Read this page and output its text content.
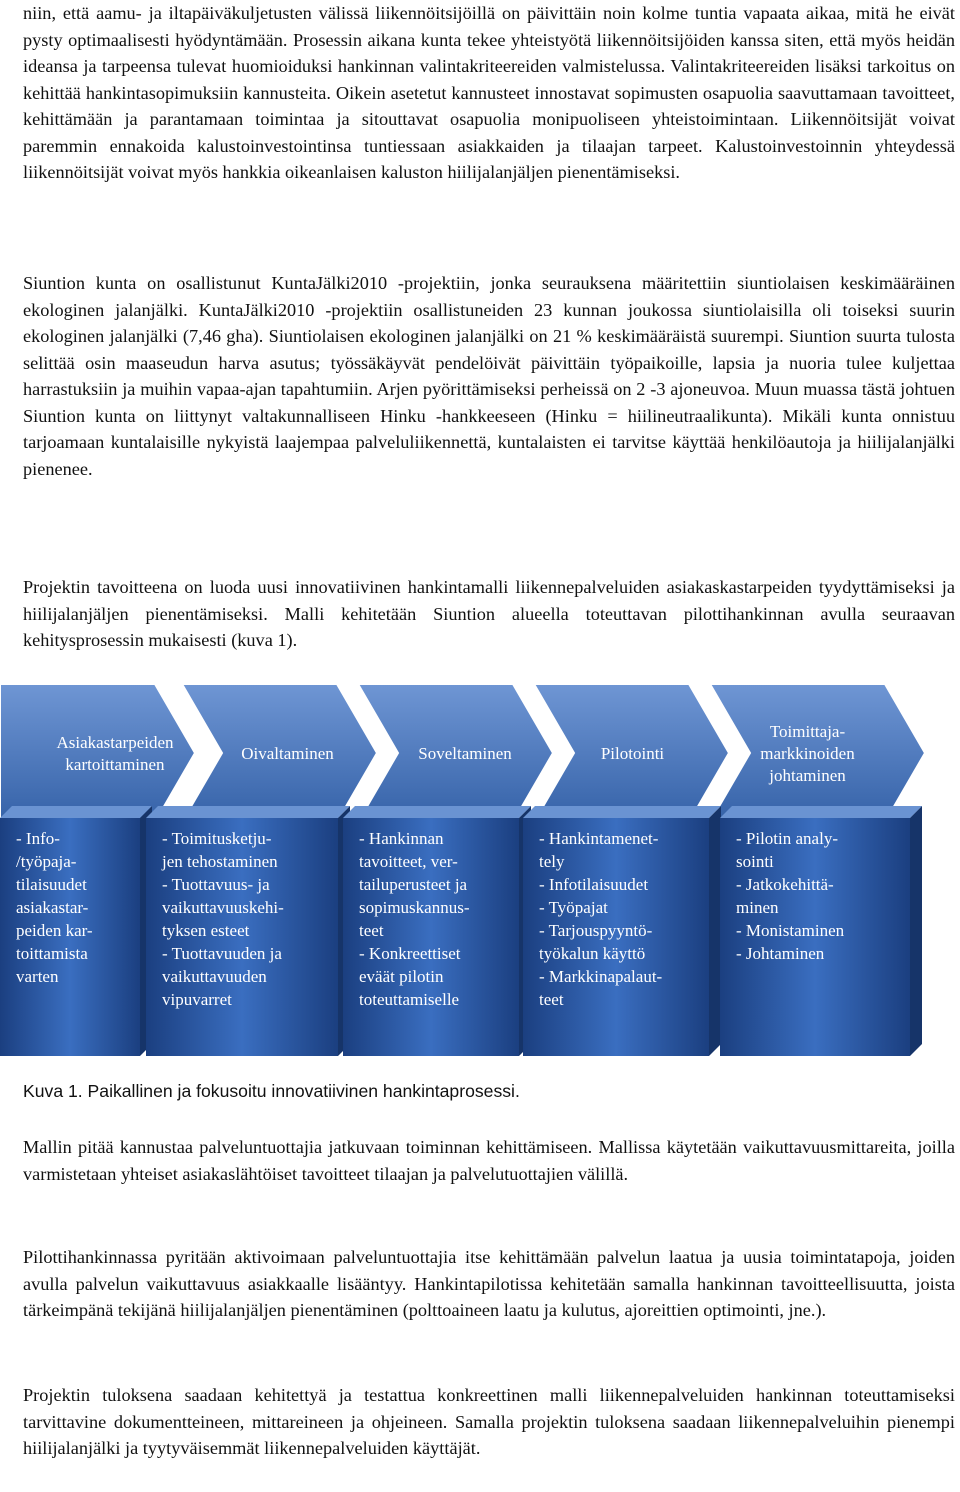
niin, että aamu- ja iltapäiväkuljetusten välissä liikennöitsijöillä on päivittäin noin kolme tuntia vapaata aikaa, mitä he eivät pysty optimaalisesti hyödyntämään. Prosessin aikana kunta tekee yhteistyötä liikennöitsijöiden kanssa siten, että myös heidän ideansa ja tarpeensa tulevat huomioiduksi hankinnan valintakriteereiden valmistelussa. Valintakriteereiden lisäksi tarkoitus on kehittää hankintasopimuksiin kannusteita. Oikein asetetut kannusteet innostavat sopimusten osapuolia saavuttamaan tavoitteet, kehittämään ja parantamaan toimintaa ja sitouttavat osapuolia monipuoliseen yhteistoimintaan. Liikennöitsijät voivat paremmin ennakoida kalustoinvestointinsa tuntiessaan asiakkaiden ja tilaajan tarpeet. Kalustoinvestoinnin yhteydessä liikennöitsijät voivat myös hankkia oikeanlaisen kaluston hiilijalanjäljen pienentämiseksi.

Siuntion kunta on osallistunut KuntaJälki2010 -projektiin, jonka seurauksena määritettiin siuntiolaisen keskimääräinen ekologinen jalanjälki. KuntaJälki2010 -projektiin osallistuneiden 23 kunnan joukossa siuntiolaisilla oli toiseksi suurin ekologinen jalanjälki (7,46 gha). Siuntiolaisen ekologinen jalanjälki on 21 % keskimääräistä suurempi. Siuntion suurta tulosta selittää osin maaseudun harva asutus; työssäkäyvät pendelöivät päivittäin työpaikoille, lapsia ja nuoria tulee kuljettaa harrastuksiin ja muihin vapaa-ajan tapahtumiin. Arjen pyörittämiseksi perheissä on 2 -3 ajoneuvoa. Muun muassa tästä johtuen Siuntion kunta on liittynyt valtakunnalliseen Hinku -hankkeeseen (Hinku = hiilineutraalikunta). Mikäli kunta onnistuu tarjoamaan kuntalaisille nykyistä laajempaa palveluliikennettä, kuntalaisten ei tarvitse käyttää henkilöautoja ja hiilijalanjälki pienenee.

Projektin tavoitteena on luoda uusi innovatiivinen hankintamalli liikennepalveluiden asiakaskastarpeiden tyydyttämiseksi ja hiilijalanjäljen pienentämiseksi. Malli kehitetään Siuntion alueella toteuttavan pilottihankinnan avulla seuraavan kehitysprosessin mukaisesti (kuva 1).

Asiakastarpeiden kartoittaminen
Oivaltaminen	Soveltaminen	Pilotointi
Toimittaja-markkinoiden johtaminen
- Info-
/työpaja-
tilaisuudet
asiakastar-
peiden kar-
toittamista
varten
- Toimitusketju-
jen tehostaminen
- Tuottavuus- ja
vaikuttavuuskehi-
tyksen esteet
- Tuottavuuden ja
vaikuttavuuden
vipuvarret
- Hankinnan
tavoitteet, ver-
tailuperusteet ja
sopimuskannus-
teet
- Konkreettiset
eväät pilotin
toteuttamiselle
- Hankintamenet-
tely
- Infotilaisuudet
- Työpajat
- Tarjouspyyntö-
työkalun käyttö
- Markkinapalaut-
teet
- Pilotin analy-
sointi
- Jatkokehittä-
minen
- Monistaminen
- Johtaminen

Kuva 1. Paikallinen ja fokusoitu innovatiivinen hankintaprosessi.

Mallin pitää kannustaa palveluntuottajia jatkuvaan toiminnan kehittämiseen. Mallissa käytetään vaikuttavuusmittareita, joilla varmistetaan yhteiset asiakaslähtöiset tavoitteet tilaajan ja palvelutuottajien välillä.

Pilottihankinnassa pyritään aktivoimaan palveluntuottajia itse kehittämään palvelun laatua ja uusia toimintatapoja, joiden avulla palvelun vaikuttavuus asiakkaalle lisääntyy. Hankintapilotissa kehitetään samalla hankinnan tavoitteellisuutta, joista tärkeimpänä tekijänä hiilijalanjäljen pienentäminen (polttoaineen laatu ja kulutus, ajoreittien optimointi, jne.).

Projektin tuloksena saadaan kehitettyä ja testattua konkreettinen malli liikennepalveluiden hankinnan toteuttamiseksi tarvittavine dokumentteineen, mittareineen ja ohjeineen. Samalla projektin tuloksena saadaan liikennepalveluihin pienempi hiilijalanjälki ja tyytyväisemmät liikennepalveluiden käyttäjät.
